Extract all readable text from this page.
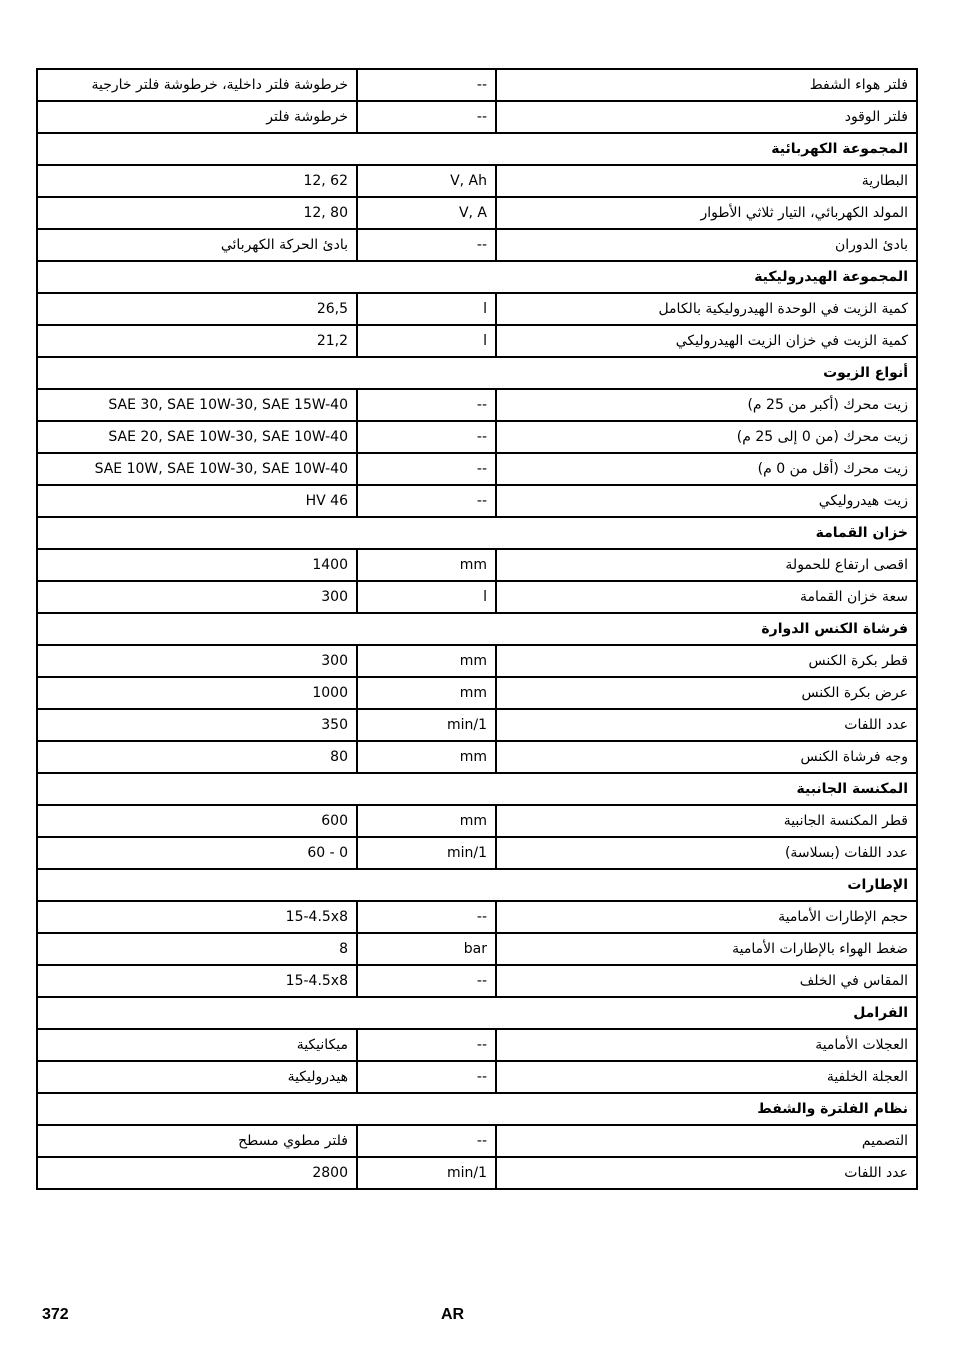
خرطوشة فلتر داخلية، خرطوشة فلتر خارجية	--	فلتر هواء الشفط
خرطوشة فلتر	--	فلتر الوقود
المجموعة الكهربائية		
12, 62	V, Ah	البطارية
12, 80	V, A	المولد الكهربائي، التيار ثلاثي الأطوار
بادئ الحركة الكهربائي	--	بادئ الدوران
المجموعة الهيدروليكية		
26,5	l	كمية الزيت في الوحدة الهيدروليكية بالكامل
21,2	l	كمية الزيت في خزان الزيت الهيدروليكي
أنواع الزيوت		
SAE 30, SAE 10W-30, SAE 15W-40	--	زيت محرك (أكبر من 25 م)
SAE 20, SAE 10W-30, SAE 10W-40	--	زيت محرك (من 0 إلى 25 م)
SAE 10W, SAE 10W-30, SAE 10W-40	--	زيت محرك (أقل من 0 م)
HV 46	--	زيت هيدروليكي
خزان القمامة		
1400	mm	اقصى ارتفاع للحمولة
300	l	سعة خزان القمامة
فرشاة الكنس الدوارة		
300	mm	قطر بكرة الكنس
1000	mm	عرض بكرة الكنس
350	min/1	عدد اللفات
80	mm	وجه فرشاة الكنس
المكنسة الجانبية		
600	mm	قطر المكنسة الجانبية
60 - 0	min/1	عدد اللفات (بسلاسة)
الإطارات		
15-4.5x8	--	حجم الإطارات الأمامية
8	bar	ضغط الهواء بالإطارات الأمامية
15-4.5x8	--	المقاس في الخلف
الفرامل		
ميكانيكية	--	العجلات الأمامية
هيدروليكية	--	العجلة الخلفية
نظام الفلترة والشفط		
فلتر مطوي مسطح	--	التصميم
2800	min/1	عدد اللفات
372	AR
